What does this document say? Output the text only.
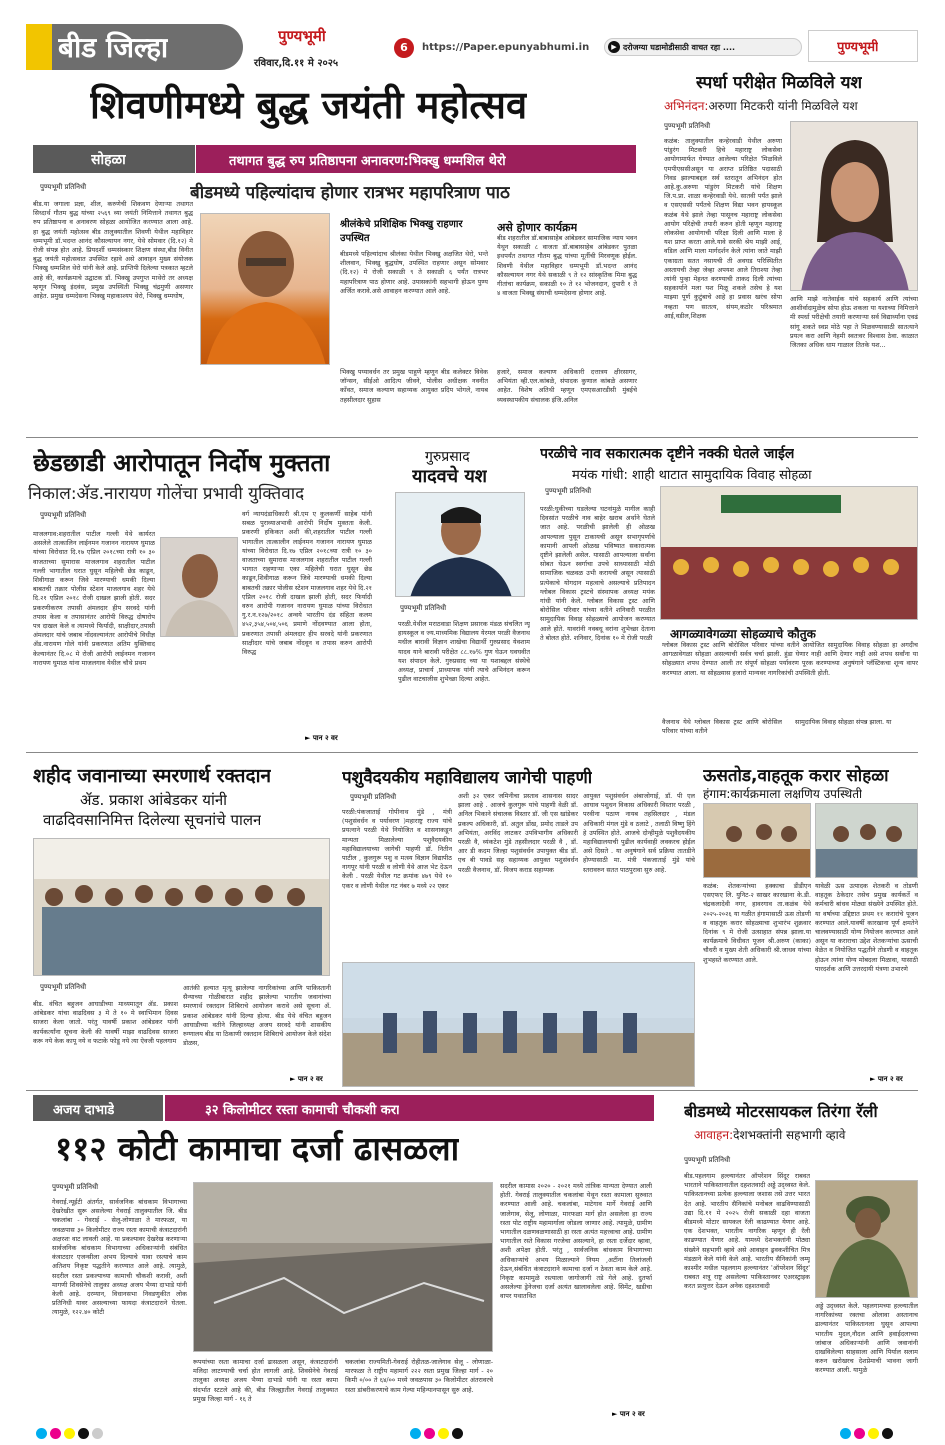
बीड जिल्हा	पुण्यभूमी
रविवार,दि.११ मे २०२५
6	https://Paper.epunyabhumi.in	▶ दरोजग्या घडामोडीसाठी वाचत रहा ....	पुण्यभूमी
शिवणीमध्ये बुद्ध जयंती महोत्सव
सोहळा	तथागत बुद्ध रुप प्रतिष्ठापना अनावरण:भिक्खु धम्मशिल थेरो
बीडमध्ये पहिल्यांदाच होणार रात्रभर महापरित्राण पाठ
पुण्यभूमी प्रतिनिधी
बीड.या जगाला प्रज्ञा, शील, करुणेची शिकवण देणाऱ्या तथागत सिध्दार्थ गौतम बुद्ध यांच्या २५६९ व्या जयंती निमित्ताने तथागत बुद्ध रुप प्रतिष्ठापना व अनावरण सोहळा आयोजित करण्यात आला आहे. हा बुद्ध जयंती महोत्सव बीड तालुक्यातील शिवणी येथील महाविहार धम्मभूमी डॉ.भदन्त आनंद कौसल्यायन नगर, येथे सोमवार (दि.१२) मे रोजी संपन्न होत आहे. प्रियदर्शी धम्मसंस्कार शिक्षण संस्था,बीड विनीत बुद्ध जयंती महोत्सवात उपस्थित रहावे असे आवाहन मुख्य संयोजक भिक्खु धम्मशिल थेरो यांनी केले आहे. प्राप्तिपी दिलेल्या पत्रकात म्हटले आहे की, कार्यक्रमाचे उद्घाटक डॉ. भिक्खु उपगुप्त माथेरो तर अध्यक्ष म्हणून भिक्खु इंदवंस, प्रमुख उपस्थिती भिक्खु चंद्रमुणी असणार आहेत. प्रमुख धम्मदेसना भिक्खु महाकाश्यप थेरो, भिक्खु धम्मघोष,
श्रीलंकेचे प्रशिक्षिक भिक्खु राहणार उपस्थित
बीडमध्ये पहिल्यांदाच श्रीलंका येथील भिक्खु अक्षजित थेरो, भन्ते शीलवान, भिक्खु बुद्धघोष, उपस्थित राहणार असून सोमवार (दि.१२) मे रोजी सकाळी ९ ते सकाळी ६ पर्यंत रात्रभर महापरित्राण पाठ होणार आहे. उपासकांनी सहभागी होऊन पुण्य अर्जित करावे.असे आवाहन करण्यात आले आहे.
असे होणार कार्यक्रम
बीड शहरातील डॉ.बाबासाहेब आंबेडकर सामाजिक न्याय भवन येथून सकाळी ८ वाजता डॉ.बाबासाहेब आंबेडकर पुतळा इथपर्यंत तथागत गौतम बुद्ध यांच्या मूर्तीची मिरवणूक होईल. शिवणी येथील महाविहार धम्मभूमी डॉ.भदन्त आनंद कौसल्यायन नगर येथे सकाळी ९ ते १२ सांस्कृतिक मिमा बुद्ध गीतांचा कार्यक्रम, सकाळी १० ते १२ भोजनदान, दुपारी १ ते ४ वाजता भिक्खु संघाची धम्मदेसना होणार आहे.
भिक्खु पय्यावर्धन तर प्रमुख पाहुणे म्हणून बीड कलेक्टर विवेक जॉन्सन, सीईओ आदित्य जीवने, पोलीस अधीक्षक नवनीत काँवत, समाज कल्याण सहाय्यक आयुक्त प्रदिप भोगले, नायब तहसीलदार सुहास
हजारे, समाज कल्याण अधिकारी दत्तात्रय क्षीरसागर, अभियंता व्ही.एल.कांबळे, संपादक कुणाल कांबळे असणार आहेत. विशेष अतिथी म्हणून एमएसआरडीसी मुंबईचे व्यवस्थापकीय संचालक इंजि.अनिल
स्पर्धा परीक्षेत मिळविले यश
अभिनंदन:अरुणा मिटकरी यांनी मिळविले यश
पुण्यभूमी प्रतिनिधी
कळंब: तालुक्यातील कन्हेरवाडी येथील अरुणा पांडुरंग मिटकरी हिचे महाराष्ट्र लोकसेवा आयोगामार्फत घेण्यात आलेल्या परिक्षेत 'मिळविले एमपीएससीअसून या अराप्त प्रतिष्ठित पदासाठी निवड झाल्याबद्दल सर्व स्तरातून अभिनंदन होत आहे.कु.अरुणा पांडुरंग मिटकरी यांचे शिक्षण जि.प.प्रा. शाळा कन्हेरवाडी येथे. सातवी पर्यंत झाले व एसएससी पर्यंतचे शिक्षण विद्या भवन हायस्कूल कळंब येथे झाले तेव्हा पासूनच महाराष्ट्र लोकसेवा आयोग परिक्षेची तयारी करुन होती म्हणून महाराष्ट्र लोकसेवा आयोगाची परिक्षा दिली आणि माला हे यश प्राप्त करता आले.यावे सरकी श्रेय माझी आई, वडिल आणि माला मार्गदर्शन केले त्यांना जाते माझी एकाग्रता सतत नसायची ती अवघड परिस्थितीत अस्तायची तेव्हा जेव्हा अपयश आले तिराश्या तेव्हा त्यांनी पुन्हा मेहनत करण्याची ताकद दिली त्यांच्या सहकार्याने मला यश मिळू शकले तसेच हे यश माझ्या पूर्ण कुटुंबाचे आहे हा प्रवास खरंच सोपा नव्हता पण सातत्य, संयम,कठोर परिश्रमात आई,वडील,शिक्षक
आणि माझे नातेवाईक यांचे सहकार्य आणि त्यांच्या आशीर्वादामुळेच सोपा होऊ शकला या यशाच्या निमित्ताने मी स्पर्धा परीक्षेची तयारी करणाऱ्या सर्व विद्यार्थ्यांना एवढं सांगू शकते स्वप्न मोठे पहा ते मिळवण्यासाठी सातत्याने प्रयत्न करा आणि नेहमी स्वतःवर विश्वास ठेवा. काळात जितका अधिक धाम गाळाल तितके यश...
छेडछाडी आरोपातून निर्दोष मुक्तता
निकाल:ॲड.नारायण गोलेंचा प्रभावी युक्तिवाद
पुण्यभूमी प्रतिनिधी
माजलगाव:शहरातील पाटील गल्ली येथे कार्यरत असलेले तात्कालिन लाईनमन गजानन नारायण घुमाळ यांच्या विरोधात दि.१७ एप्रिल २०१८च्या रात्री १० ३० वाजताच्या सुमारास माजलगाव शहरातील पाटील गल्ली भागातील घरात घुसून महिलेची छेड काढून, शिवीगाळ करून जिवे मारण्याची धमकी दिल्या बाबतची तक्रार पोलीस स्टेशन माजलगाव शहर येथे दि.२१ एप्रिल २०१८ रोजी दाखल झाली होती. सदर प्रकरणीकरण तपासी अंमलदार हीप सरवदे यांनी तपास केला व तपासानंतर आरोपी विरुद्ध दोषारोप पत्र दाखल केले व त्यामध्ये फिर्यादी, साक्षीदार,तपासी अंमलदार यांचे जबाब नोंदवल्यानंतर आरोपीचे विधीज्ञ ॲड.नारायण गोले यांनी प्रकरणात अतिम युक्तिवाद केल्यानंतर दि.०८ मे रोजी आरोपी लाईनमन गजानन नारायण घुमाळ यांना माजलगाव येथील चौथे प्रथम
वर्ग न्यायदंडाधिकारी श्री.एम ए कुलकर्णी साहेब यांनी सबळ पुराव्याअभावी आरोपी निर्दोष मुक्तता केली. प्रकरणी हकिकत अशी की,शहरातील पाटील गल्ली भागातील तात्कालीन लाईनमन गजानन नारायण घुमाळ यांच्या विरोधात दि.१७ एप्रिल २०१८च्या रात्री १० ३० वाजताच्या सुमारास माजलगाव शहरातील पाटील गल्ली भागात राहणाऱ्या एका महिलेची घरात घुसून छेड काढून,शिवीगाळ करून जिवे मारण्याची धमकी दिल्या बाबतची तक्रार पोलीस स्टेशन माजलगाव शहर येथे दि.२१ एप्रिल २०१८ रोजी दाखल झाली होती, सदर फिर्यादी वरुन आरोपी गजानन नारायण घुमाळ यांच्या विरोधात गु.र.न.१२७/२०१८ अन्वये भारतीय दंड संहिता कलम ४५२,३५४,५०४,५०६ प्रमाणे नोंदवण्यात आला होता, प्रकरणात तपासी अंमलदार हीप सरवदे यांनी प्रकरणात साक्षीदार यांचे जबाब नोंदवून व तपास करुन आरोपी विरुद्ध
► पान २ वर
गुरुप्रसाद
यादवचे यश
पुण्यभूमी प्रतिनिधी
परळी.येथील मराठवाडा शिक्षण प्रसारक मंडळ संचलित न्यू हायस्कूल व ज्य.माध्यमिक विद्यालय येरमल परळी वैजनाथ मधील बारावी विज्ञान शाखेचा विद्यार्थी गुरुप्रसाद येवशाम यादव याने बारावी परीक्षेत ८८.१७% गुण घेऊन घवघवीत यश संपादन केले. गुरुप्रसाद च्या या यशाबद्दल संस्थेचे अध्यक्ष, प्राचार्य ,प्राध्यापक यांनी त्याचे अभिनंदन करून पुढील वाटचालीस शुभेच्छा दिल्या आहेत.
परळीचे नाव सकारात्मक दृष्टीने नक्की घेतले जाईल
मयंक गांधी: शाही थाटात सामुदायिक विवाह सोहळा
पुण्यभूमी प्रतिनिधी
परळी:घुकीच्या घडलेल्या घटनांमुळे मागील काही दिवसांत परळीचे नाव बाहेर खराब अर्थाने घेतले जात आहे. परळीची झालेली ही ओळख आपल्याला पुसून टाकायची असून सभागृपर्णाचे कामानी आपली ओळख भविष्यात सकारात्मक दृष्टीने झालेली असेल. यासाठी आपल्याला सर्वांना सोबत घेऊन स्वर्गाचा उपचे साध्यासाठी मोठी सामाजिक चळवळ उभी करायची असून त्यासाठी प्रत्येकाचे योगदान महत्वाचे असल्याचे प्रतिपादन ग्लोबल विकास ट्रस्टचे संस्थापक अध्यक्ष मयंक गांधी यांनी केले. ग्लोबल विकास ट्रस्ट आणि बोरोसिल परिवार यांच्या वतीने शनिवारी परळीत सामुदायिक विवाह सोहळ्याचे आयोजन करण्यात आले होते. यावरांनी नवबधू वरांना शुभेच्छा देताना ते बोलत होते. शनिवार, दिनांक १० मे रोजी परळी आगळ्यावेगळ्या सोहळ्याचे कौतुक
ग्लोबल विकास ट्रस्ट आणि बोरोसिल परिवार यांच्या वतीने आयोजित सामुदायिक विवाह सोहळा हा अगदीच आगळावेगळा सोहळा असल्याची सर्वत्र चर्चा झाली. हुंडा घेणार नाही आणि देणार नाही असे शपथ सर्वांना या सोहळ्यात शपथ देण्यात आली तर संपूर्ण सोहळा पर्यावरण पूरक करण्याच्या अनुषंगाने प्लॅस्टिकचा शून्य वापर करण्यात आला. या सोहळ्यास हजारो मान्यवर नागरिकांची उपस्थिती होती.
वैजनाथ येथे ग्लोबल विकास ट्रस्ट आणि बोरोसिल परिवार यांच्या वतीने
सामुदायिक विवाह सोहळा संपन्न झाला. या
शहीद जवानाच्या स्मरणार्थ रक्तदान
ॲड. प्रकाश आंबेडकर यांनी
वाढदिवसानिमित्त दिलेल्या सूचनांचे पालन
पुण्यभूमी प्रतिनिधी
बीड. वंचित बहुजन आघाडीच्या माध्यमातून ॲड. प्रकाश आंबेडकर यांचा वाढदिवस ३ मे ते १० मे स्वाभिमान दिवस साजरा केला जातो. परंतु यावर्षी प्रकाश आंबेडकर यांनी कार्यकर्त्यांना सूचना केली की यावर्षी माझा वाढदिवस साजरा करू नये केक कापू नये व फटाके फोडू नये त्या ऐवजी पहलगाम
आतंकी हल्यात मृत्यू झालेल्या नागरिकांच्या आणि पाकिस्तानी सैन्याच्या गोळीबारात शहीद झालेल्या भारतीय जवानांच्या स्मरणार्थ रक्तदान शिबिराचे आयोजन करावे असे सूचना ॲ. प्रकाश आंबेडकर यांनी दिल्या होत्या. बीड येथे वंचित बहुजन आघाडीच्या वतीने जिल्हाध्यक्ष अजय सरवदे यांनी शासकीय रुग्णालय बीड या ठिकाणी रक्तदान शिबिराचे आयोजन केले संदेश डोळस,
► पान २ वर
पशुवैदयकीय महाविद्यालय जागेची पाहणी
पुण्यभूमी प्रतिनिधी
परळी:पंकजाताई गोपीनाथ मुंडे , मंत्री (पशुसंवर्धन व पर्यावरण )महाराष्ट्र राज्य यांचे प्रयत्नाने परळी येथे नियोजित व शासनाकडून मान्यता मिळालेल्या पशुवैदयकीय महाविद्यालयाच्या जागेची पाहणी डॉ. नितीन पाटील , कुलगुरू पशु व मत्स्य विज्ञान विद्यापीठ नागपूर यांनी परळी व लोणी येथे आज भेट देऊन केली . परळी येथील गट क्रमांक ४७९ येथे १० एकर व लोणी येथील गट नंबर ७ मध्ये २२ एकर
अशी ३२ एकर जमिनीचा प्रस्ताव शासनास सादर झाला आहे . आजचे कुलगुरू यांचे पाहणी वेळी डॉ. अनिल भिकाने संचालक विस्तार डॉ. जी एस खांडेकर प्रकल्प अधिकारी, डॉ. अतुल डोंख, प्रमोद ताडले उप अभियंता, अरविंद लाटकर उपविभागीय अधिकारी परळी वै, व्यंकटेश मुंडे तहसीलदार परळी वै , डॉ. आर डी कदम जिल्हा पशुसंवर्धन उपायुक्त बीड डॉ. एच बी पावडे सह सहाय्यक आयुक्त पशुसंवर्धन परळी वैजनाथ, डॉ. विजय कराड सहाय्यक
आयुक्त पशुसंवर्धन अंबाजोगाई, डॉ. पी एल आघाव पशुधन विकास अधिकारी विस्तार परळी , परवीना पठाण नायब तहसिलदार , मंडल अधिकारी मंगल मुंडे व ठलाटे , तलाठी विष्णु हिंगे हे उपस्थित होते. आजचे दोन्हीमुळे पशुवैदयकीय महाविद्यालयाची पुढील कार्यवाही लवकरच होईल असे दिसते . या अनुषंगाने सर्व प्रक्रिया तातडीने होण्यासाठी मा. मंत्री पंकजाताई मुंडे यांचे स्तरावरुन सतत पाठपुरावा सुरु आहे.
ऊसतोड,वाहतूक करार सोहळा
हंगाम:कार्यक्रमाला लक्षणिय उपस्थिती
कळंब: शेतकऱ्यांच्या हक्काचा डीडीएन एसएफए लि. युनिट-२ साखर कारखाना के.डी. चंद्रकलादेवी नगर, हावरगाव ता.कळंब येथे २०२५-२०२६ या गळीत हंगामासाठी ऊस तोडणी व वाहतूक करार सोहळ्याचा शुभारंभ शुक्रवार दिनांक ९ मे रोजी उत्साहात संपन्न झाला.या कार्यक्रमाचे विधीवत पूजन श्री.अरुण (काका) चौधरी व मुख्य शेती अधिकारी श्री.जाधव यांच्या शुभहस्ते करण्यात आले.
यावेळी ऊस उत्पादक शेतकरी व तोडणी वाहतूक ठेकेदार तसेच प्रमुख कार्यकर्ते व कर्मचारी बांधव मोठ्या संख्येने उपस्थित होते. या वर्षाच्या उद्दिष्टात प्रथम ११ करारांचे पूजन करण्यात आले.यावर्षी कारखाना पूर्ण क्षमतेने चालवण्यासाठी योग्य नियोजन करण्यात आले असून या कराराचा उद्देश शेतकऱ्यांचा ऊसाची वेळेत व नियोजित पद्धतीने तोडणी व वाहतूक होऊन त्यांना योग्य मोबदला मिळावा, यासाठी पारदर्शक आणि उत्तरदायी यंत्रणा उभारणे
► पान २ वर
अजय दाभाडे	३२ किलोमीटर रस्ता कामाची चौकशी करा
११२ कोटी कामाचा दर्जा ढासळला
पुण्यभूमी प्रतिनिधी
गेवराई.न्यूईटी अंतर्गत, सार्वजनिक बांधकाम विभागाच्या देखरेखीत सुरू असलेल्या गेवराई तालुक्यातील जि. बीड चकलांबा - गेवराई - सेलू-लोणाळा ते मारफळा, या जवळपास ३० किलोमीटर राज्य रस्ता कामाची कंत्राटदारांनी अक्षरशः वाट लावली आहे. या प्रकल्पावर देखरेख करणाऱ्या सार्वजनिक बांधकाम विभागाच्या अधिकाऱ्यांनी संबंधित कंत्राटदार एजन्सीला अभय दिल्याचे यावा रस्त्याचे काम अतिशय निकृष्ट पद्धतीने करण्यात आले आहे. त्यामुळे, सदरील रस्ता प्रकल्पाच्या कामाची चौकशी करावी, अशी मागणी शिवसेनेचे तालुका अध्यक्ष अजय भैय्या दाभाडे यांनी केली आहे. दरम्यान, विधानसभा निवडणुकीत लोक प्रतिनिधी यावर असल्याच्या फायदा कंत्राटदाराने घेतला. त्यामुळे, १२२.४० कोटी
रूपयांच्या रस्ता कामाचा दर्जा ढासळला असून, कंत्राटदारांनी मलिदा लाटण्याची चर्चा होत लागली आहे. शिवसेनेचे गेवराई तालुका अध्यक्ष अजय भैय्या दाभाडे यांनी या रस्ता कामा संदर्भात स्टटले आहे की, बीड जिल्ह्यातील गेवराई तालुक्यात प्रमुख जिल्हा मार्ग - १६ ते
चकलांबा राज्यमिती-गेवराई रोहीतळ-जालेगाव सेलू - लोणाळा-मारफळा ते राष्ट्रीय महामार्ग २२२ रस्ता प्रमुख जिल्हा मार्ग - २० किमी ०/०० ते ६४/०० मध्ये जवळपास ३० किलोमीटर अंतरावरचे रस्ता डांबरीकरणाचे काम गेल्या महिन्यानपासून सुरु आहे.
सदरील कामास २०२० - २०२१ मध्ये तांत्रिक मान्यता देण्यात आली होती. गेवराई तालुक्यातील चकलांबा येथून रस्ता कामाला सुरुवात करण्यात आली आहे. चकलांबा, माटेगाव मार्गे गेवराई आणि जालेगाव, सेलू, लोणाळा, मारफळा मार्ग होत असलेला हा राज्य रस्ता पोट राष्ट्रीय महामार्गाला जोडला जाणार आहे. त्यामुळे, ग्रामीण भागातील दळणवळणासाठी हा रस्ता अत्यंत महत्त्वाचा आहे. ग्रामीण भागातील रस्ते विकास गरजेचा असल्याने, हा रस्ता दर्जेदार व्हावा, अशी अपेक्षा होती. परंतु , सार्वजनिक बांधकाम विभागाच्या अधिकाऱ्यांचे अभय मिळाल्याने नियम ,अटींना तिलांजली देऊन,संबंधित कंत्राटदाराने कामाचा दर्जा न ठेवता काम केले आहे. निकृष्ट कामामुळे रस्त्याला जागोजागी तडे गेले आहे. दुतर्फा असलेल्या ड्रेनेजचा दर्जा अत्यंत खालावलेला आहे. सिमेंट, खडीचा वापर यथातथित
► पान २ वर
बीडमध्ये मोटरसायकल तिरंगा रॅली
आवाहन:देशभक्तांनी सहभागी व्हावे
पुण्यभूमी प्रतिनिधी
बीड.पहलगाम हल्ल्यानंतर ऑपरेशन सिंदूर राबवत भारताने पाकिस्तानातील दहशतवादी अड्डे उद्ध्वस्त केले. पाकिस्तानच्या प्रत्येक हल्ल्याला जशास तसे उत्तर भारत देत आहे. भारतीय सैनिकांचे मनोबल वाढविण्यासाठी उद्या दि.११ मे २०२५ रोजी सकाळी दहा वाजता बीडमध्ये मोटार सायकल रॅली काढण्यात येणार आहे. एक देशभक्त, भारतीय नागरिक म्हणून ही रॅली काढण्यात येणार आहे. यामध्ये देशभक्तांनी मोठ्या संख्येने सहभागी व्हावे असे आवाहन ढ्रवकशीचित मित्र मंडळाने केले यांनी केले आहे. भारतीय सैनिकांनी जम्मू काश्मीर मधील पहलगाम हल्ल्यानंतर 'ऑपरेशन सिंदूर' राबवत शत्रू राष्ट्र असलेल्या पाकिस्तानवर एअरस्ट्राइक करत प्रत्युत्तर देऊन अनेक दहशतवादी
अड्डे उद्ध्वस्त केले. पहलगामच्या हल्ल्यातील नागरिकांच्या रक्तचा ओलावा अस्तानाच ढाल्यानंतर पाकिस्तानला घुसून आपल्या भारतीय मुदल,नौदल आणि हवाईदलाच्या जांबाज अधिकाऱ्यांनी आणि जवानांनी दाखविलेल्या साहसाला आणि पिर्याल सलाम करुन खरोखरच देशप्रेमाची भावना जागी करण्यात आली. यामुळे
